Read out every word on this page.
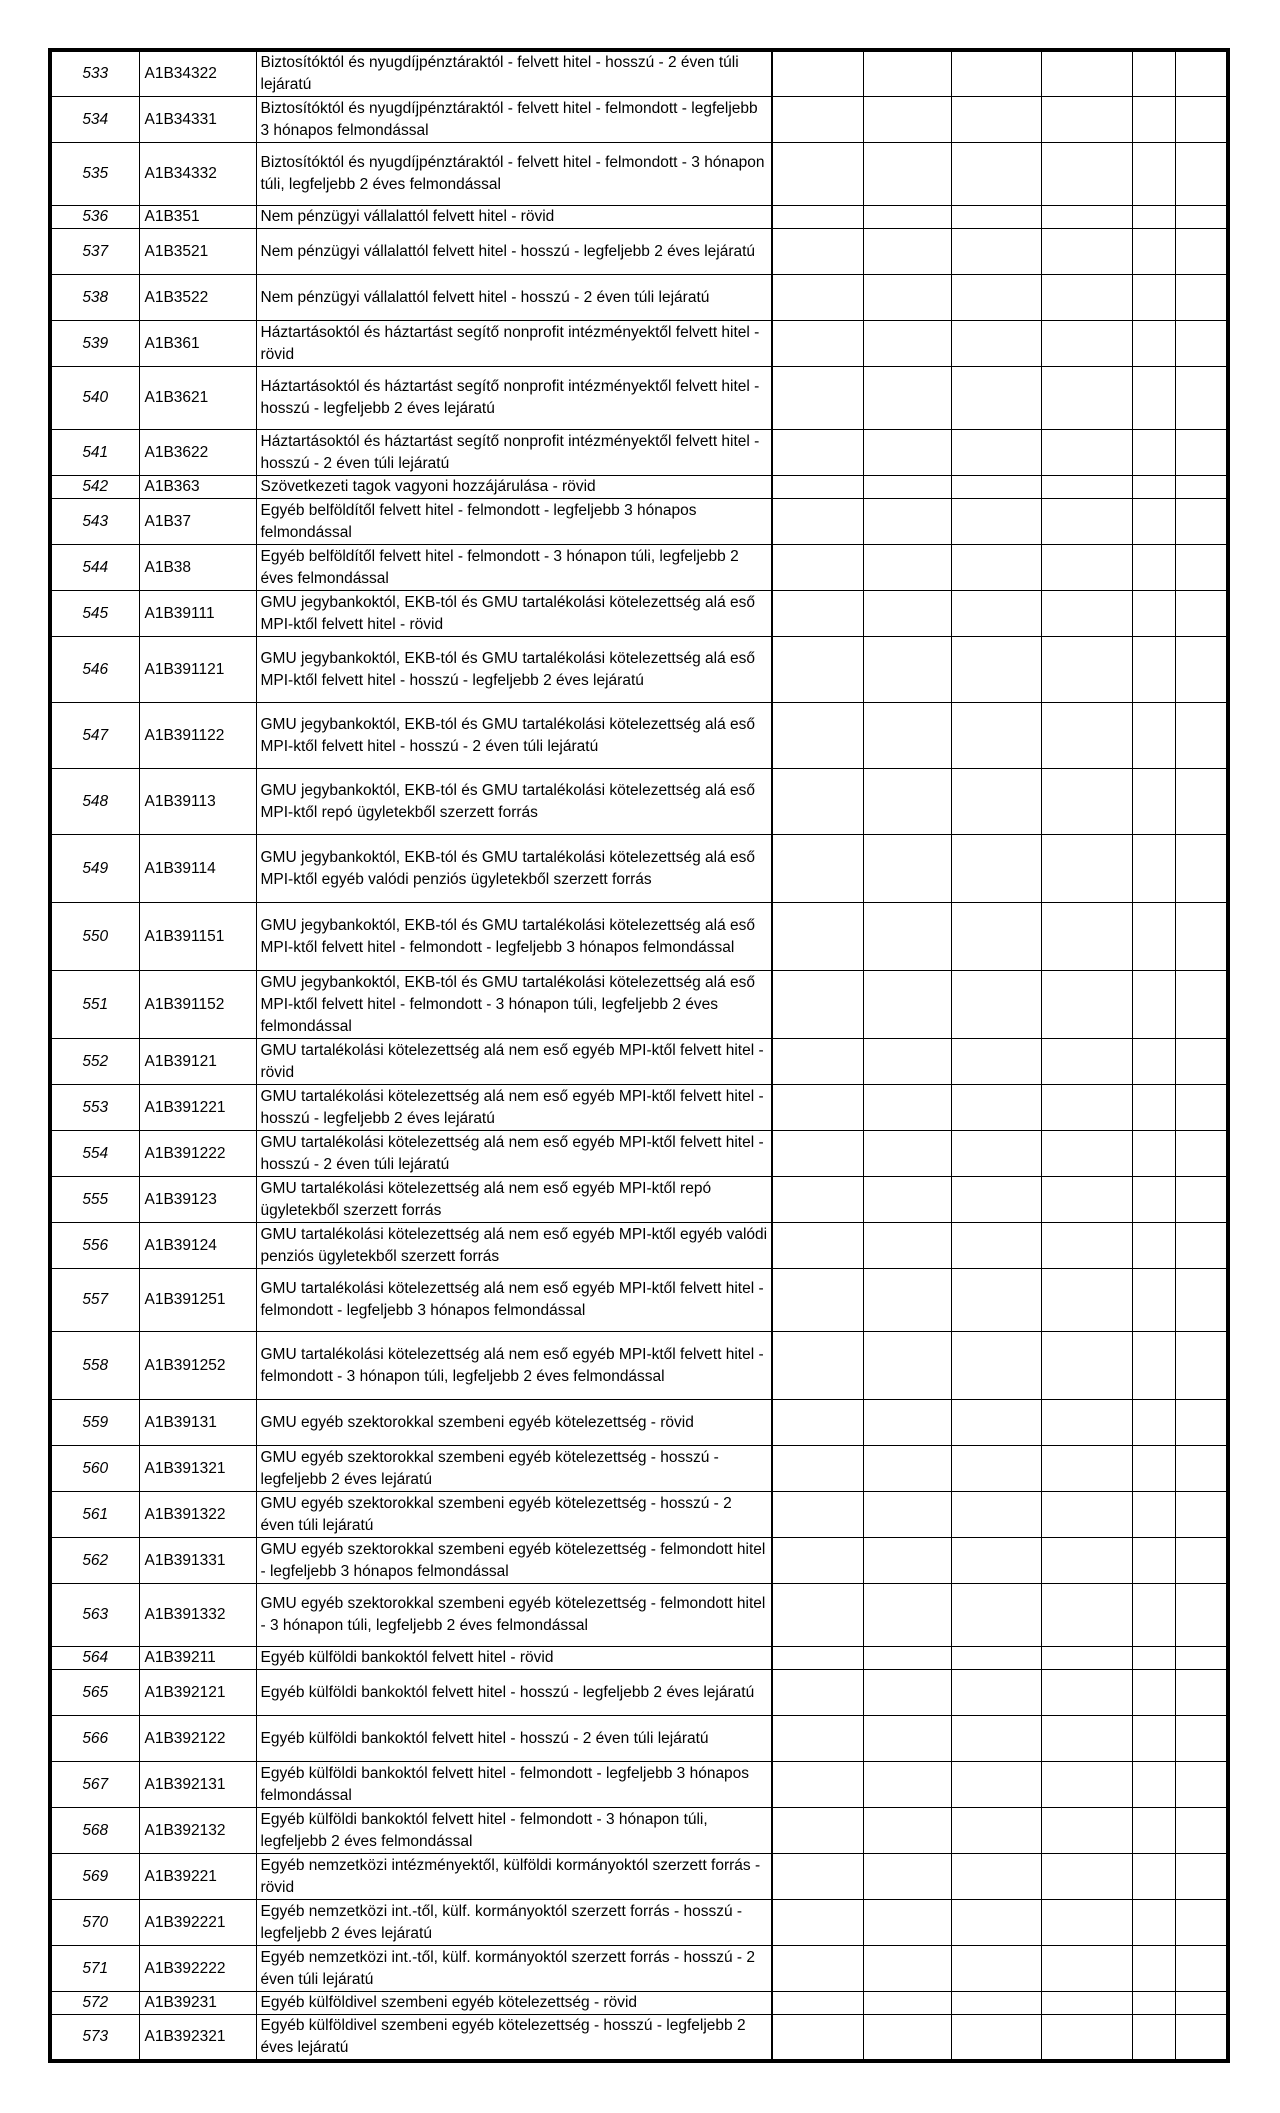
533	A1B34322	Biztosítóktól és nyugdíjpénztáraktól - felvett hitel - hosszú - 2 éven túli lejáratú						
534	A1B34331	Biztosítóktól és nyugdíjpénztáraktól - felvett hitel - felmondott - legfeljebb 3 hónapos felmondással						
535	A1B34332	Biztosítóktól és nyugdíjpénztáraktól - felvett hitel - felmondott - 3 hónapon túli, legfeljebb 2 éves felmondással						
536	A1B351	Nem pénzügyi vállalattól felvett hitel - rövid						
537	A1B3521	Nem pénzügyi vállalattól felvett hitel - hosszú - legfeljebb 2 éves lejáratú						
538	A1B3522	Nem pénzügyi vállalattól felvett hitel - hosszú - 2 éven túli lejáratú						
539	A1B361	Háztartásoktól és háztartást segítő nonprofit intézményektől felvett hitel - rövid						
540	A1B3621	Háztartásoktól és háztartást segítő nonprofit intézményektől felvett hitel - hosszú - legfeljebb 2 éves lejáratú						
541	A1B3622	Háztartásoktól és háztartást segítő nonprofit intézményektől felvett hitel - hosszú - 2 éven túli lejáratú						
542	A1B363	Szövetkezeti tagok vagyoni hozzájárulása - rövid						
543	A1B37	Egyéb belföldítől felvett hitel - felmondott - legfeljebb 3 hónapos felmondással						
544	A1B38	Egyéb belföldítől felvett hitel - felmondott - 3 hónapon túli, legfeljebb 2 éves felmondással						
545	A1B39111	GMU jegybankoktól, EKB-tól és GMU tartalékolási kötelezettség alá eső MPI-ktől felvett hitel - rövid						
546	A1B391121	GMU jegybankoktól, EKB-tól és GMU tartalékolási kötelezettség alá eső MPI-ktől felvett hitel - hosszú - legfeljebb 2 éves lejáratú						
547	A1B391122	GMU jegybankoktól, EKB-tól és GMU tartalékolási kötelezettség alá eső MPI-ktől felvett hitel - hosszú - 2 éven túli lejáratú						
548	A1B39113	GMU jegybankoktól, EKB-tól és GMU tartalékolási kötelezettség alá eső MPI-ktől repó ügyletekből szerzett forrás						
549	A1B39114	GMU jegybankoktól, EKB-tól és GMU tartalékolási kötelezettség alá eső MPI-ktől egyéb valódi penziós ügyletekből szerzett forrás						
550	A1B391151	GMU jegybankoktól, EKB-tól és GMU tartalékolási kötelezettség alá eső MPI-ktől felvett hitel - felmondott - legfeljebb 3 hónapos felmondással						
551	A1B391152	GMU jegybankoktól, EKB-tól és GMU tartalékolási kötelezettség alá eső MPI-ktől felvett hitel - felmondott - 3 hónapon túli, legfeljebb 2 éves felmondással						
552	A1B39121	GMU tartalékolási kötelezettség alá nem eső egyéb MPI-ktől felvett hitel - rövid						
553	A1B391221	GMU tartalékolási kötelezettség alá nem eső egyéb MPI-ktől felvett hitel - hosszú - legfeljebb 2 éves lejáratú						
554	A1B391222	GMU tartalékolási kötelezettség alá nem eső egyéb MPI-ktől felvett hitel - hosszú - 2 éven túli lejáratú						
555	A1B39123	GMU tartalékolási kötelezettség alá nem eső egyéb MPI-ktől repó ügyletekből szerzett forrás						
556	A1B39124	GMU tartalékolási kötelezettség alá nem eső egyéb MPI-ktől egyéb valódi penziós ügyletekből szerzett forrás						
557	A1B391251	GMU tartalékolási kötelezettség alá nem eső egyéb MPI-ktől felvett hitel - felmondott - legfeljebb 3 hónapos felmondással						
558	A1B391252	GMU tartalékolási kötelezettség alá nem eső egyéb MPI-ktől felvett hitel - felmondott - 3 hónapon túli, legfeljebb 2 éves felmondással						
559	A1B39131	GMU egyéb szektorokkal szembeni egyéb kötelezettség - rövid						
560	A1B391321	GMU egyéb szektorokkal szembeni egyéb kötelezettség - hosszú - legfeljebb 2 éves lejáratú						
561	A1B391322	GMU egyéb szektorokkal szembeni egyéb kötelezettség - hosszú - 2 éven túli lejáratú						
562	A1B391331	GMU egyéb szektorokkal szembeni egyéb kötelezettség - felmondott hitel - legfeljebb 3 hónapos felmondással						
563	A1B391332	GMU egyéb szektorokkal szembeni egyéb kötelezettség - felmondott hitel - 3 hónapon túli, legfeljebb 2 éves felmondással						
564	A1B39211	Egyéb külföldi bankoktól felvett hitel - rövid						
565	A1B392121	Egyéb külföldi bankoktól felvett hitel - hosszú - legfeljebb 2 éves lejáratú						
566	A1B392122	Egyéb külföldi bankoktól felvett hitel - hosszú - 2 éven túli lejáratú						
567	A1B392131	Egyéb külföldi bankoktól felvett hitel - felmondott - legfeljebb 3 hónapos felmondással						
568	A1B392132	Egyéb külföldi bankoktól felvett hitel - felmondott - 3 hónapon túli, legfeljebb 2 éves felmondással						
569	A1B39221	Egyéb nemzetközi intézményektől, külföldi kormányoktól szerzett forrás - rövid						
570	A1B392221	Egyéb nemzetközi int.-től, külf. kormányoktól szerzett forrás - hosszú - legfeljebb 2 éves lejáratú						
571	A1B392222	Egyéb nemzetközi int.-től, külf. kormányoktól szerzett forrás - hosszú - 2 éven túli lejáratú						
572	A1B39231	Egyéb külföldivel szembeni egyéb kötelezettség - rövid						
573	A1B392321	Egyéb külföldivel szembeni egyéb kötelezettség - hosszú - legfeljebb 2 éves lejáratú						
